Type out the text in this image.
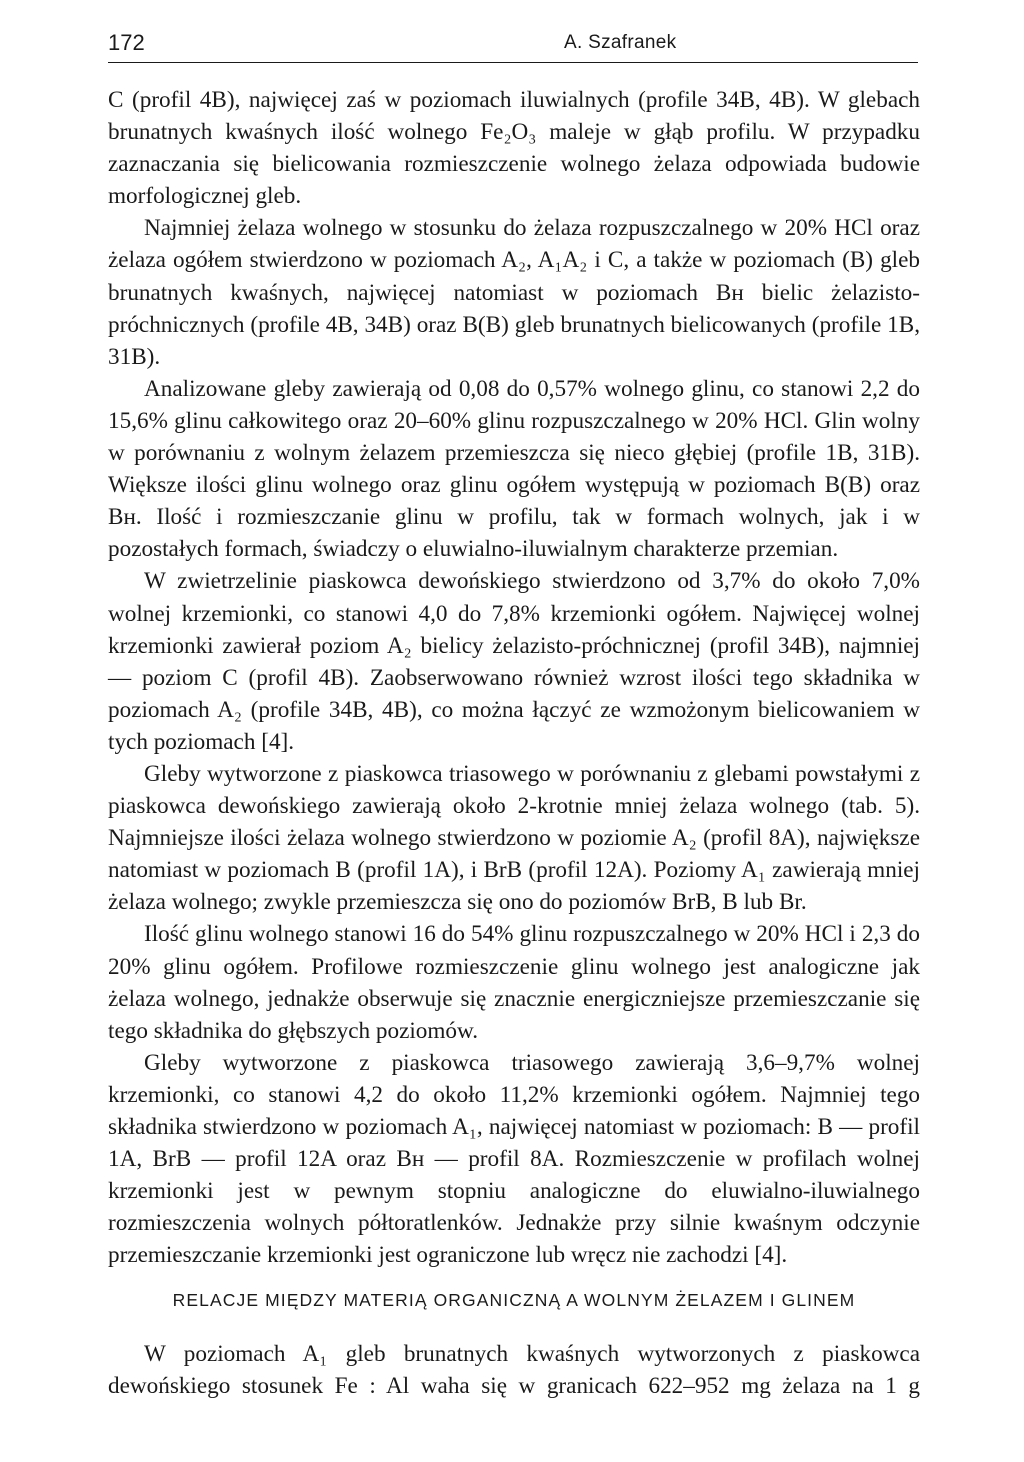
172	A. Szafranek

C (profil 4B), najwięcej zaś w poziomach iluwialnych (profile 34B, 4B). W glebach brunatnych kwaśnych ilość wolnego Fe₂O₃ maleje w głąb profilu. W przypadku zaznaczania się bielicowania rozmieszczenie wolnego żelaza odpowiada budowie morfologicznej gleb.

Najmniej żelaza wolnego w stosunku do żelaza rozpuszczalnego w 20% HCl oraz żelaza ogółem stwierdzono w poziomach A₂, A₁A₂ i C, a także w poziomach (B) gleb brunatnych kwaśnych, najwięcej natomiast w poziomach Bʜ bielic żelazisto-próchnicznych (profile 4B, 34B) oraz B(B) gleb brunatnych bielicowanych (profile 1B, 31B).

Analizowane gleby zawierają od 0,08 do 0,57% wolnego glinu, co stanowi 2,2 do 15,6% glinu całkowitego oraz 20–60% glinu rozpuszczalnego w 20% HCl. Glin wolny w porównaniu z wolnym żelazem przemieszcza się nieco głębiej (profile 1B, 31B). Większe ilości glinu wolnego oraz glinu ogółem występują w poziomach B(B) oraz Bʜ. Ilość i rozmieszczanie glinu w profilu, tak w formach wolnych, jak i w pozostałych formach, świadczy o eluwialno-iluwialnym charakterze przemian.

W zwietrzelinie piaskowca dewońskiego stwierdzono od 3,7% do około 7,0% wolnej krzemionki, co stanowi 4,0 do 7,8% krzemionki ogółem. Najwięcej wolnej krzemionki zawierał poziom A₂ bielicy żelazisto-próchnicznej (profil 34B), najmniej — poziom C (profil 4B). Zaobserwowano również wzrost ilości tego składnika w poziomach A₂ (profile 34B, 4B), co można łączyć ze wzmożonym bielicowaniem w tych poziomach [4].

Gleby wytworzone z piaskowca triasowego w porównaniu z glebami powstałymi z piaskowca dewońskiego zawierają około 2-krotnie mniej żelaza wolnego (tab. 5). Najmniejsze ilości żelaza wolnego stwierdzono w poziomie A₂ (profil 8A), największe natomiast w poziomach B (profil 1A), i BrB (profil 12A). Poziomy A₁ zawierają mniej żelaza wolnego; zwykle przemieszcza się ono do poziomów BrB, B lub Br.

Ilość glinu wolnego stanowi 16 do 54% glinu rozpuszczalnego w 20% HCl i 2,3 do 20% glinu ogółem. Profilowe rozmieszczenie glinu wolnego jest analogiczne jak żelaza wolnego, jednakże obserwuje się znacznie energiczniejsze przemieszczanie się tego składnika do głębszych poziomów.

Gleby wytworzone z piaskowca triasowego zawierają 3,6–9,7% wolnej krzemionki, co stanowi 4,2 do około 11,2% krzemionki ogółem. Najmniej tego składnika stwierdzono w poziomach A₁, najwięcej natomiast w poziomach: B — profil 1A, BrB — profil 12A oraz Bʜ — profil 8A. Rozmieszczenie w profilach wolnej krzemionki jest w pewnym stopniu analogiczne do eluwialno-iluwialnego rozmieszczenia wolnych półtoratlenków. Jednakże przy silnie kwaśnym odczynie przemieszczanie krzemionki jest ograniczone lub wręcz nie zachodzi [4].

RELACJE MIĘDZY MATERIĄ ORGANICZNĄ A WOLNYM ŻELAZEM I GLINEM

W poziomach A₁ gleb brunatnych kwaśnych wytworzonych z piaskowca dewońskiego stosunek Fe : Al waha się w granicach 622–952 mg żelaza na 1 g
